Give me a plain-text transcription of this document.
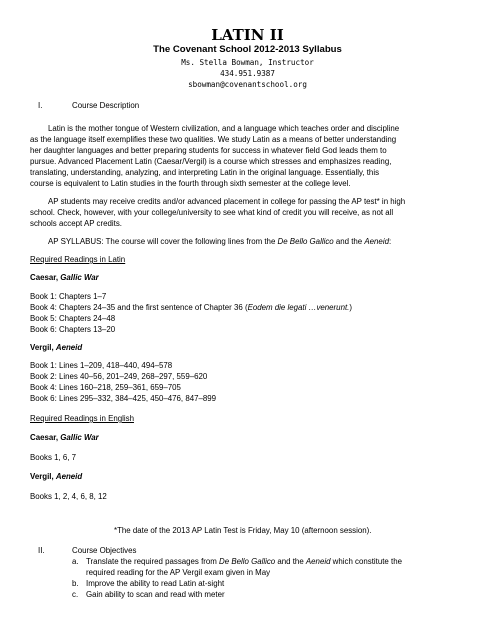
LATIN II
The Covenant School 2012-2013 Syllabus
Ms. Stella Bowman, Instructor
434.951.9387
sbowman@covenantschool.org
I.	Course Description
Latin is the mother tongue of Western civilization, and a language which teaches order and discipline
as the language itself exemplifies these two qualities. We study Latin as a means of better understanding
her daughter languages and better preparing students for success in whatever field God leads them to
pursue. Advanced Placement Latin (Caesar/Vergil) is a course which stresses and emphasizes reading,
translating, understanding, analyzing, and interpreting Latin in the original language. Essentially, this
course is equivalent to Latin studies in the fourth through sixth semester at the college level.
AP students may receive credits and/or advanced placement in college for passing the AP test* in high
school. Check, however, with your college/university to see what kind of credit you will receive, as not all
schools accept AP credits.
AP SYLLABUS: The course will cover the following lines from the De Bello Gallico and the Aeneid:
Required Readings in Latin
Caesar, Gallic War
Book 1: Chapters 1–7
Book 4: Chapters 24–35 and the first sentence of Chapter 36 (Eodem die legati …venerunt.)
Book 5: Chapters 24–48
Book 6: Chapters 13–20
Vergil, Aeneid
Book 1: Lines 1–209, 418–440, 494–578
Book 2: Lines 40–56, 201–249, 268–297, 559–620
Book 4: Lines 160–218, 259–361, 659–705
Book 6: Lines 295–332, 384–425, 450–476, 847–899
Required Readings in English
Caesar, Gallic War
Books 1, 6, 7
Vergil, Aeneid
Books 1, 2, 4, 6, 8, 12
*The date of the 2013 AP Latin Test is Friday, May 10 (afternoon session).
II.	Course Objectives
a. Translate the required passages from De Bello Gallico and the Aeneid which constitute the
required reading for the AP Vergil exam given in May
b. Improve the ability to read Latin at-sight
c. Gain ability to scan and read with meter
